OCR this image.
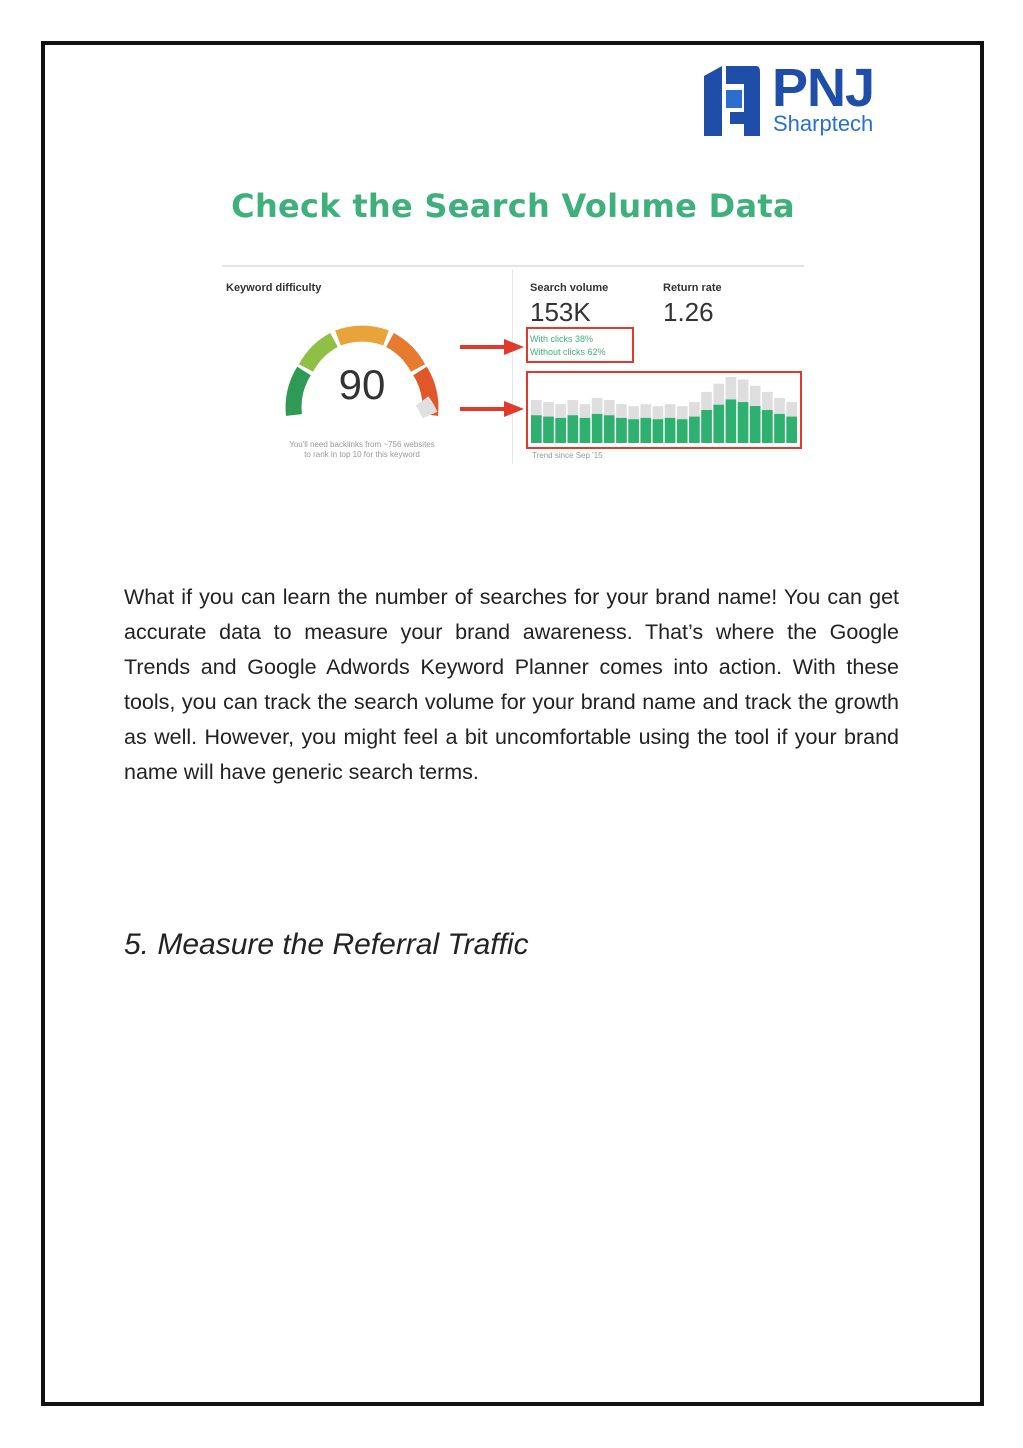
PNJ
Sharptech
Check the Search Volume Data
Keyword difficulty
90
You'll need backlinks from ~756 websites
to rank in top 10 for this keyword
Search volume
153K
Return rate
1.26
With clicks 38%
Without clicks 62%
Trend since Sep '15
What if you can learn the number of searches for your brand name! You can get accurate data to measure your brand awareness. That’s where the Google Trends and Google Adwords Keyword Planner comes into action. With these tools, you can track the search volume for your brand name and track the growth as well. However, you might feel a bit uncomfortable using the tool if your brand name will have generic search terms.
5. Measure the Referral Traffic
